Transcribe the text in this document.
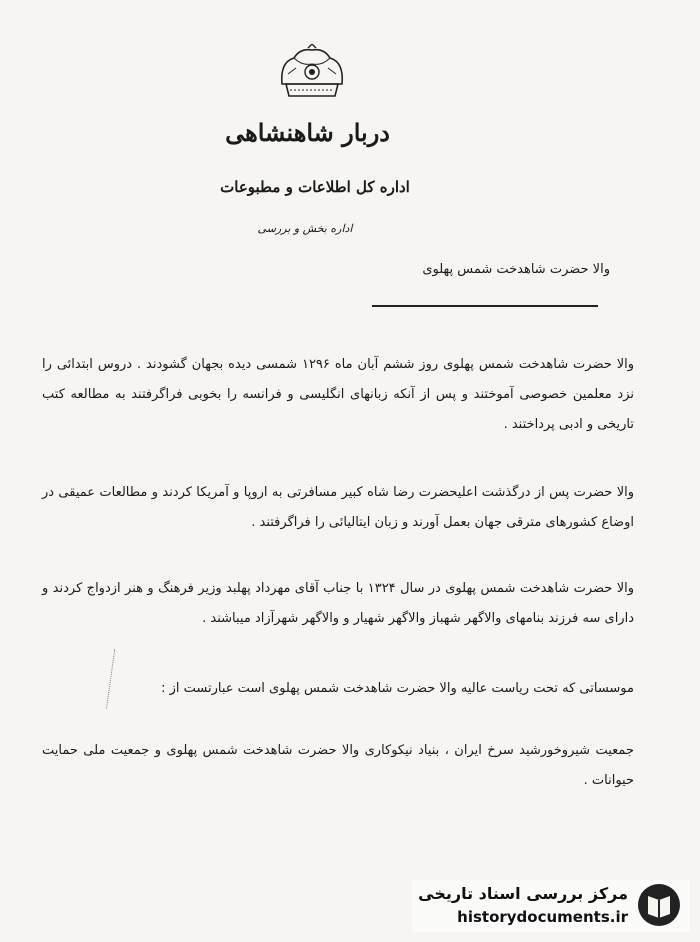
دربار شاهنشاهی
اداره کل اطلاعات و مطبوعات
اداره بخش و بررسی
والا حضرت شاهدخت شمس پهلوی

والا حضرت شاهدخت شمس پهلوی روز ششم آبان ماه ۱۲۹۶ شمسی دیده بجهان گشودند . دروس ابتدائی را نزد معلمین خصوصی آموختند و پس از آنکه زبانهای انگلیسی و فرانسه را بخوبی فراگرفتند به مطالعه کتب تاریخی و ادبی پرداختند .

والا حضرت پس از درگذشت اعلیحضرت رضا شاه کبیر مسافرتی به اروپا و آمریکا کردند و مطالعات عمیقی در اوضاع کشورهای مترقی جهان بعمل آورند و زبان ایتالیائی را فراگرفتند .

والا حضرت شاهدخت شمس پهلوی در سال ۱۳۲۴ با جناب آقای مهرداد پهلبد وزیر فرهنگ و هنر ازدواج کردند و دارای سه فرزند بنامهای والاگهر شهباز والاگهر شهیار و والاگهر شهرآزاد میباشند .

موسساتی که تحت ریاست عالیه والا حضرت شاهدخت شمس پهلوی است عبارتست از :

جمعیت شیروخورشید سرخ ایران ، بنیاد نیکوکاری والا حضرت شاهدخت شمس پهلوی و جمعیت ملی حمایت حیوانات .

مرکز بررسی اسناد تاریخی
historydocuments.ir
